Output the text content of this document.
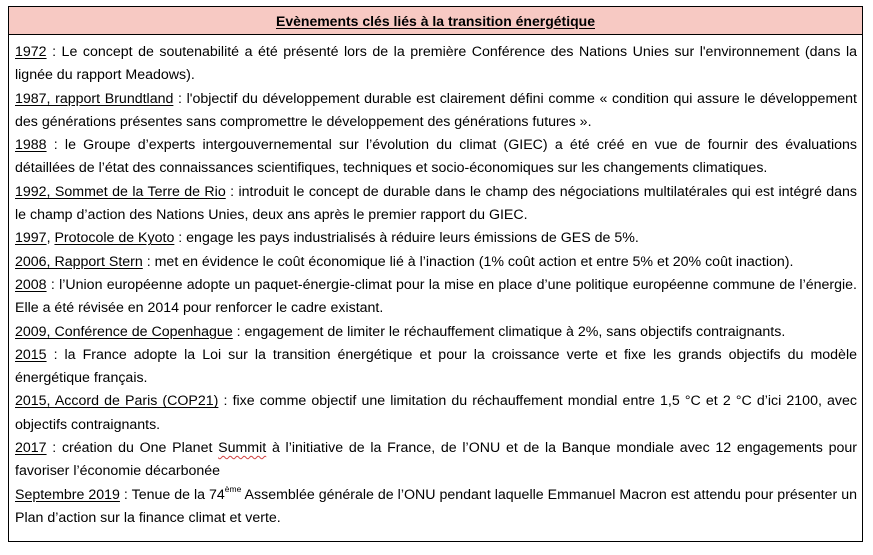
Evènements clés liés à la transition énergétique

1972 : Le concept de soutenabilité a été présenté lors de la première Conférence des Nations Unies sur l'environnement (dans la lignée du rapport Meadows).

1987, rapport Brundtland : l'objectif du développement durable est clairement défini comme « condition qui assure le développement des générations présentes sans compromettre le développement des générations futures ».

1988 : le Groupe d’experts intergouvernemental sur l’évolution du climat (GIEC) a été créé en vue de fournir des évaluations détaillées de l’état des connaissances scientifiques, techniques et socio-économiques sur les changements climatiques.

1992, Sommet de la Terre de Rio : introduit le concept de durable dans le champ des négociations multilatérales qui est intégré dans le champ d’action des Nations Unies, deux ans après le premier rapport du GIEC.

1997, Protocole de Kyoto : engage les pays industrialisés à réduire leurs émissions de GES de 5%.

2006, Rapport Stern : met en évidence le coût économique lié à l’inaction (1% coût action et entre 5% et 20% coût inaction).

2008 : l’Union européenne adopte un paquet-énergie-climat pour la mise en place d’une politique européenne commune de l’énergie. Elle a été révisée en 2014 pour renforcer le cadre existant.

2009, Conférence de Copenhague : engagement de limiter le réchauffement climatique à 2%, sans objectifs contraignants.

2015 : la France adopte la Loi sur la transition énergétique et pour la croissance verte et fixe les grands objectifs du modèle énergétique français.

2015, Accord de Paris (COP21) : fixe comme objectif une limitation du réchauffement mondial entre 1,5 °C et 2 °C d’ici 2100, avec objectifs contraignants.

2017 : création du One Planet Summit à l’initiative de la France, de l’ONU et de la Banque mondiale avec 12 engagements pour favoriser l’économie décarbonée

Septembre 2019 : Tenue de la 74ème Assemblée générale de l’ONU pendant laquelle Emmanuel Macron est attendu pour présenter un Plan d’action sur la finance climat et verte.
